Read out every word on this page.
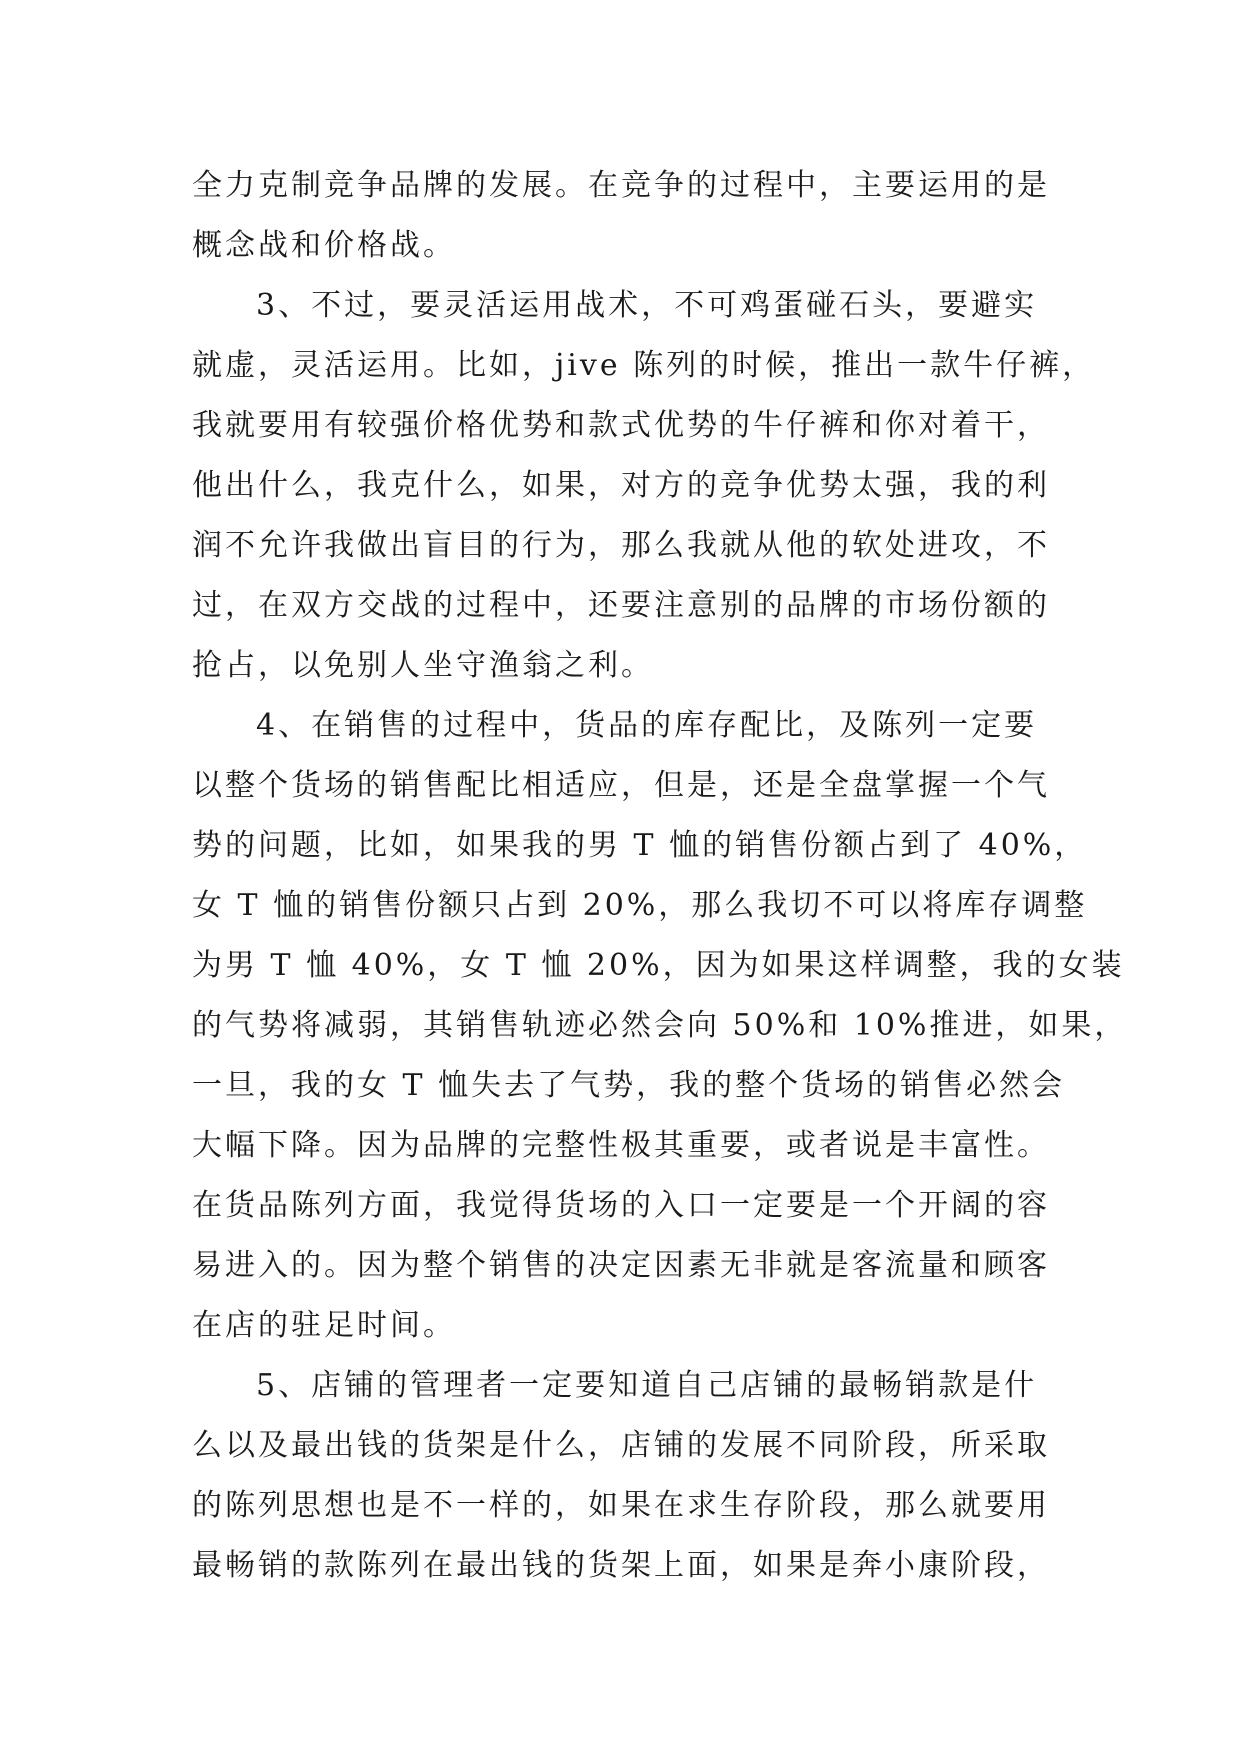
全力克制竞争品牌的发展。在竞争的过程中，主要运用的是
概念战和价格战。
3、不过，要灵活运用战术，不可鸡蛋碰石头，要避实
就虚，灵活运用。比如，jive 陈列的时候，推出一款牛仔裤，
我就要用有较强价格优势和款式优势的牛仔裤和你对着干，
他出什么，我克什么，如果，对方的竞争优势太强，我的利
润不允许我做出盲目的行为，那么我就从他的软处进攻，不
过，在双方交战的过程中，还要注意别的品牌的市场份额的
抢占，以免别人坐守渔翁之利。
4、在销售的过程中，货品的库存配比，及陈列一定要
以整个货场的销售配比相适应，但是，还是全盘掌握一个气
势的问题，比如，如果我的男 T 恤的销售份额占到了 40%，
女 T 恤的销售份额只占到 20%，那么我切不可以将库存调整
为男 T 恤 40%，女 T 恤 20%，因为如果这样调整，我的女装
的气势将减弱，其销售轨迹必然会向 50%和 10%推进，如果，
一旦，我的女 T 恤失去了气势，我的整个货场的销售必然会
大幅下降。因为品牌的完整性极其重要，或者说是丰富性。
在货品陈列方面，我觉得货场的入口一定要是一个开阔的容
易进入的。因为整个销售的决定因素无非就是客流量和顾客
在店的驻足时间。
5、店铺的管理者一定要知道自己店铺的最畅销款是什
么以及最出钱的货架是什么，店铺的发展不同阶段，所采取
的陈列思想也是不一样的，如果在求生存阶段，那么就要用
最畅销的款陈列在最出钱的货架上面，如果是奔小康阶段，
